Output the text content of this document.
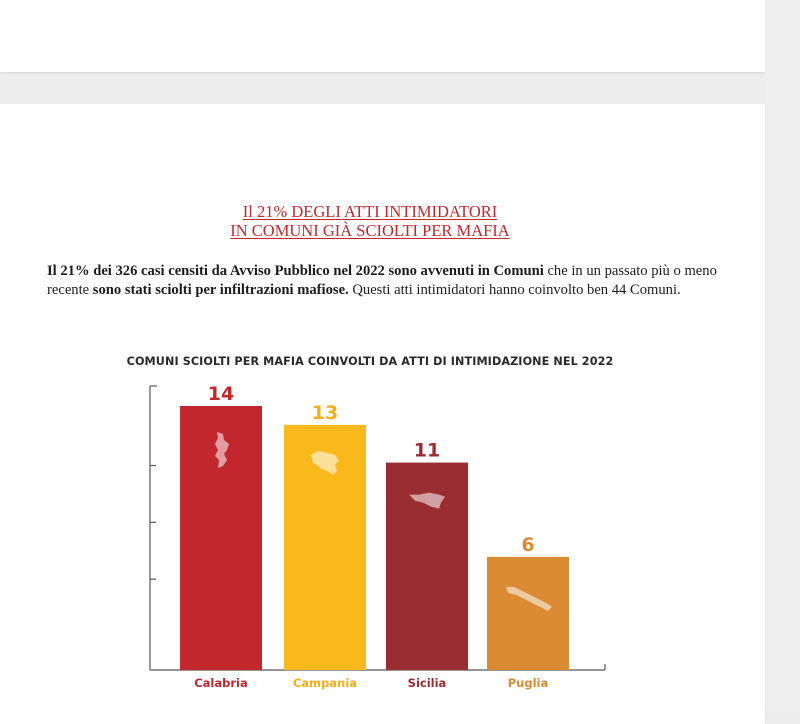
Il 21% DEGLI ATTI INTIMIDATORI
IN COMUNI GIÀ SCIOLTI PER MAFIA
Il 21% dei 326 casi censiti da Avviso Pubblico nel 2022 sono avvenuti in Comuni che in un passato più o meno recente sono stati sciolti per infiltrazioni mafiose. Questi atti intimidatori hanno coinvolto ben 44 Comuni.
COMUNI SCIOLTI PER MAFIA COINVOLTI DA ATTI DI INTIMIDAZIONE NEL 2022
14
Calabria
13
Campania
11
Sicilia
6
Puglia
